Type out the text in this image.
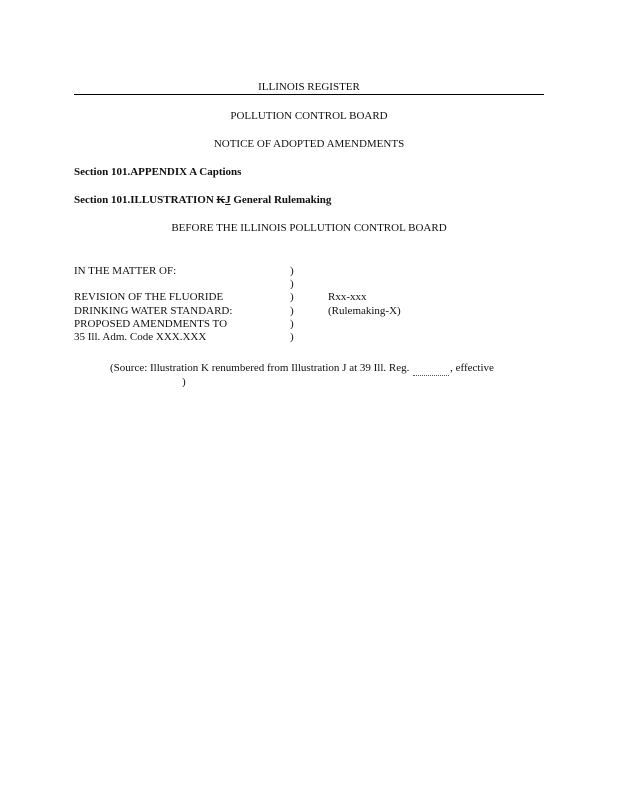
ILLINOIS REGISTER
POLLUTION CONTROL BOARD
NOTICE OF ADOPTED AMENDMENTS
Section 101.APPENDIX A Captions
Section 101.ILLUSTRATION KJ General Rulemaking
BEFORE THE ILLINOIS POLLUTION CONTROL BOARD
IN THE MATTER OF:	)
)
REVISION OF THE FLUORIDE	)	Rxx-xxx
DRINKING WATER STANDARD:	)	(Rulemaking-X)
PROPOSED AMENDMENTS TO	)
35 Ill. Adm. Code XXX.XXX	)
(Source: Illustration K renumbered from Illustration J at 39 Ill. Reg.	, effective
)
